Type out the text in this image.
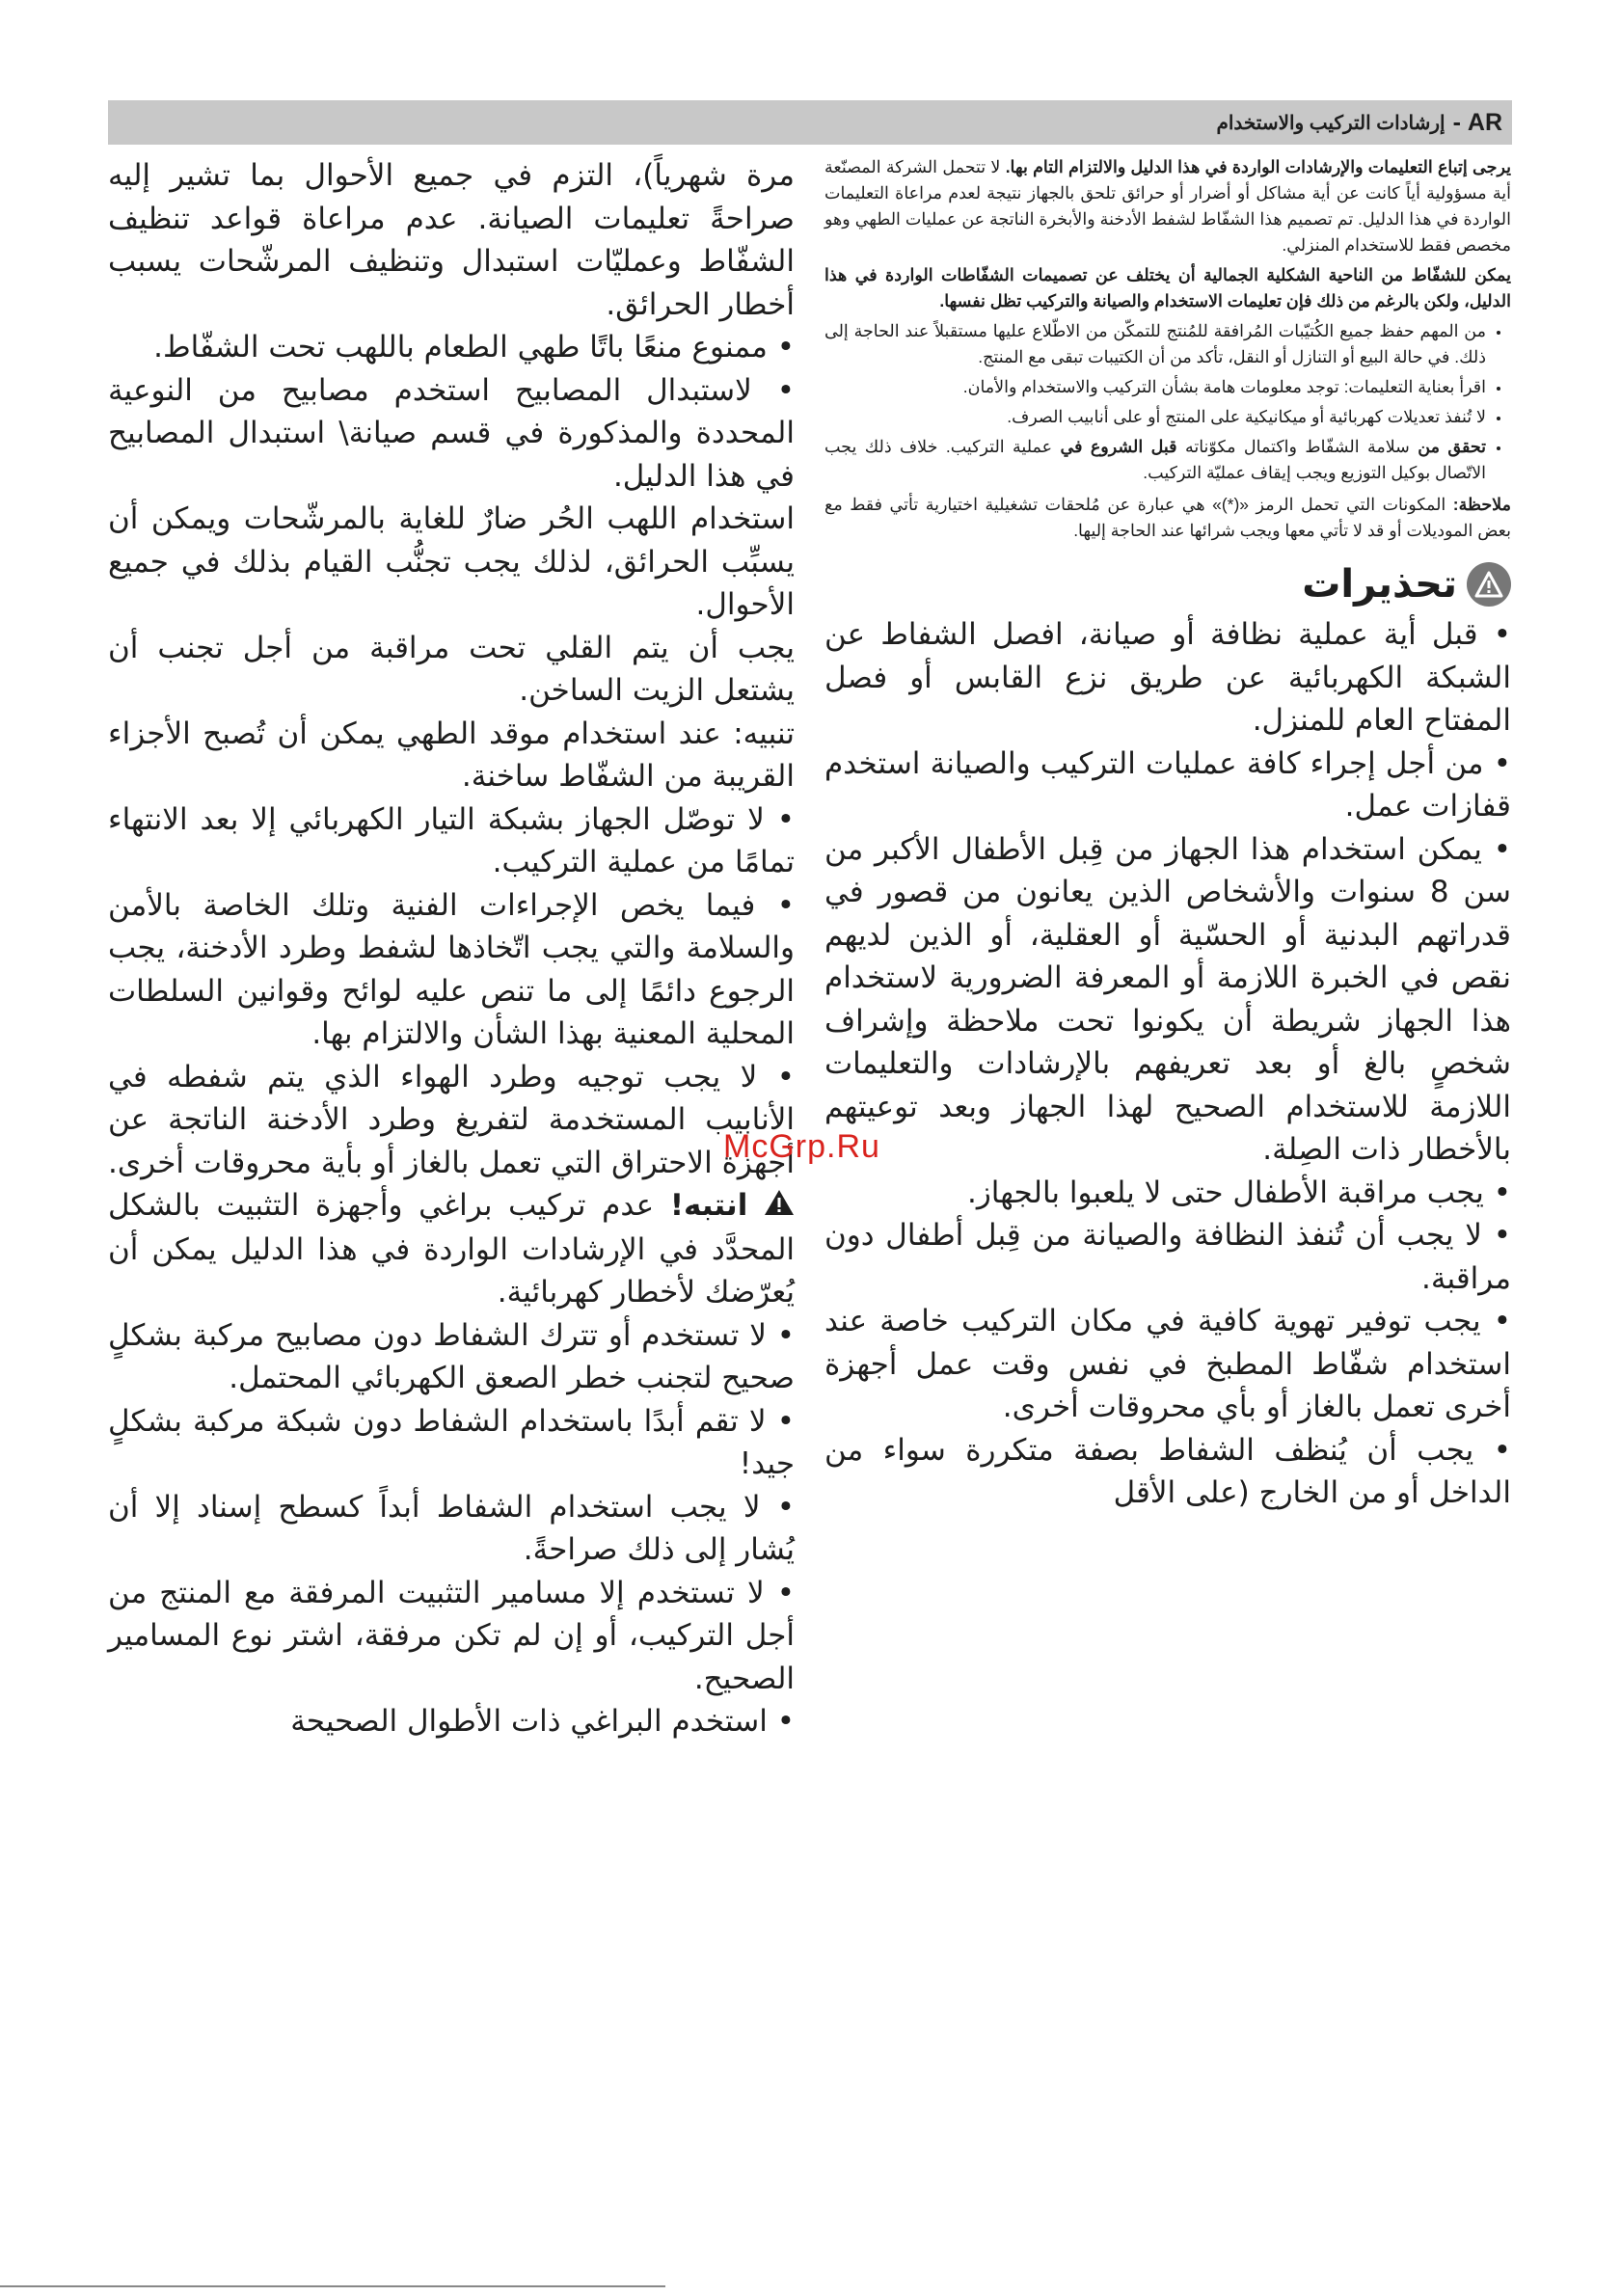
AR -
إرشادات التركيب والاستخدام

يرجى إتباع التعليمات والإرشادات الواردة في هذا الدليل والالتزام التام بها. لا تتحمل الشركة المصنّعة أية مسؤولية أياً كانت عن أية مشاكل أو أضرار أو حرائق تلحق بالجهاز نتيجة لعدم مراعاة التعليمات الواردة في هذا الدليل. تم تصميم هذا الشفّاط لشفط الأدخنة والأبخرة الناتجة عن عمليات الطهي وهو مخصص فقط للاستخدام المنزلي.

يمكن للشفّاط من الناحية الشكلية الجمالية أن يختلف عن تصميمات الشفّاطات الواردة في هذا الدليل، ولكن بالرغم من ذلك فإن تعليمات الاستخدام والصيانة والتركيب تظل نفسها.

• من المهم حفظ جميع الكُتيّبات المُرافقة للمُنتج للتمكّن من الاطّلاع عليها مستقبلاً عند الحاجة إلى ذلك. في حالة البيع أو التنازل أو النقل، تأكد من أن الكتيبات تبقى مع المنتج.
• اقرأ بعناية التعليمات: توجد معلومات هامة بشأن التركيب والاستخدام والأمان.
• لا تُنفذ تعديلات كهربائية أو ميكانيكية على المنتج أو على أنابيب الصرف.
• تحقق من سلامة الشفّاط واكتمال مكوّناته قبل الشروع في عملية التركيب. خلاف ذلك يجب الاتّصال بوكيل التوزيع ويجب إيقاف عمليّة التركيب.

ملاحظة: المكونات التي تحمل الرمز «(*)» هي عبارة عن مُلحقات تشغيلية اختيارية تأتي فقط مع بعض الموديلات أو قد لا تأتي معها ويجب شرائها عند الحاجة إليها.

تحذيرات

• قبل أية عملية نظافة أو صيانة، افصل الشفاط عن الشبكة الكهربائية عن طريق نزع القابس أو فصل المفتاح العام للمنزل.

• من أجل إجراء كافة عمليات التركيب والصيانة استخدم قفازات عمل.

• يمكن استخدام هذا الجهاز من قِبل الأطفال الأكبر من سن 8 سنوات والأشخاص الذين يعانون من قصور في قدراتهم البدنية أو الحسّية أو العقلية، أو الذين لديهم نقص في الخبرة اللازمة أو المعرفة الضرورية لاستخدام هذا الجهاز شريطة أن يكونوا تحت ملاحظة وإشراف شخصٍ بالغ أو بعد تعريفهم بالإرشادات والتعليمات اللازمة للاستخدام الصحيح لهذا الجهاز وبعد توعيتهم بالأخطار ذات الصِلة.

• يجب مراقبة الأطفال حتى لا يلعبوا بالجهاز.

• لا يجب أن تُنفذ النظافة والصيانة من قِبل أطفال دون مراقبة.

• يجب توفير تهوية كافية في مكان التركيب خاصة عند استخدام شفّاط المطبخ في نفس وقت عمل أجهزة أخرى تعمل بالغاز أو بأي محروقات أخرى.

• يجب أن يُنظف الشفاط بصفة متكررة سواء من الداخل أو من الخارج (على الأقل

مرة شهرياً)، التزم في جميع الأحوال بما تشير إليه صراحةً تعليمات الصيانة. عدم مراعاة قواعد تنظيف الشفّاط وعمليّات استبدال وتنظيف المرشّحات يسبب أخطار الحرائق.

• ممنوع منعًا باتًا طهي الطعام باللهب تحت الشفّاط.

• لاستبدال المصابيح استخدم مصابيح من النوعية المحددة والمذكورة في قسم صيانة\ استبدال المصابيح في هذا الدليل.

استخدام اللهب الحُر ضارٌ للغاية بالمرشّحات ويمكن أن يسبِّب الحرائق، لذلك يجب تجنُّب القيام بذلك في جميع الأحوال.

يجب أن يتم القلي تحت مراقبة من أجل تجنب أن يشتعل الزيت الساخن.

تنبيه: عند استخدام موقد الطهي يمكن أن تُصبح الأجزاء القريبة من الشفّاط ساخنة.

• لا توصّل الجهاز بشبكة التيار الكهربائي إلا بعد الانتهاء تمامًا من عملية التركيب.

• فيما يخص الإجراءات الفنية وتلك الخاصة بالأمن والسلامة والتي يجب اتّخاذها لشفط وطرد الأدخنة، يجب الرجوع دائمًا إلى ما تنص عليه لوائح وقوانين السلطات المحلية المعنية بهذا الشأن والالتزام بها.

• لا يجب توجيه وطرد الهواء الذي يتم شفطه في الأنابيب المستخدمة لتفريغ وطرد الأدخنة الناتجة عن أجهزة الاحتراق التي تعمل بالغاز أو بأية محروقات أخرى.

انتبه! عدم تركيب براغي وأجهزة التثبيت بالشكل المحدَّد في الإرشادات الواردة في هذا الدليل يمكن أن يُعرّضك لأخطار كهربائية.

• لا تستخدم أو تترك الشفاط دون مصابيح مركبة بشكلٍ صحيح لتجنب خطر الصعق الكهربائي المحتمل.

• لا تقم أبدًا باستخدام الشفاط دون شبكة مركبة بشكلٍ جيد!

• لا يجب استخدام الشفاط أبداً كسطح إسناد إلا أن يُشار إلى ذلك صراحةً.

• لا تستخدم إلا مسامير التثبيت المرفقة مع المنتج من أجل التركيب، أو إن لم تكن مرفقة، اشتر نوع المسامير الصحيح.

• استخدم البراغي ذات الأطوال الصحيحة

McGrp.Ru
